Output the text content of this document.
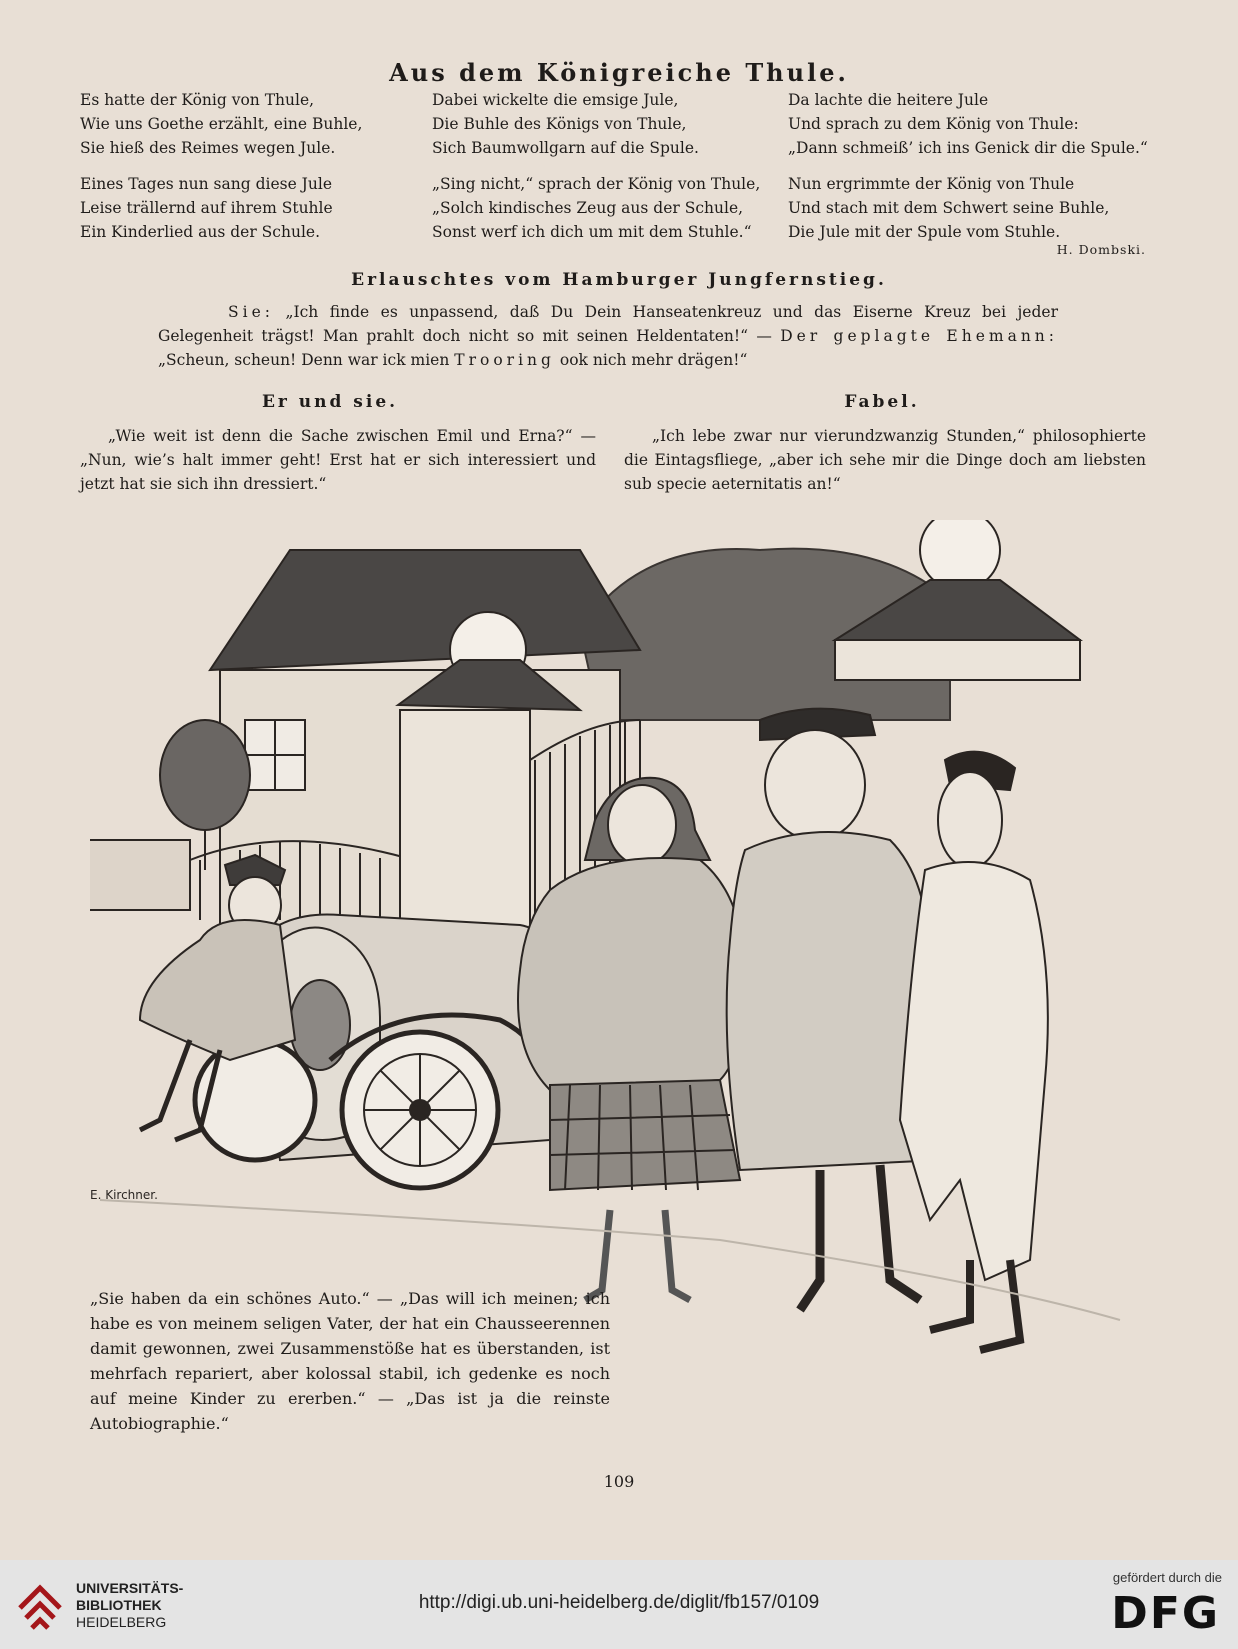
Aus dem Königreiche Thule.

Es hatte der König von Thule,

Wie uns Goethe erzählt, eine Buhle,

Sie hieß des Reimes wegen Jule.

Eines Tages nun sang diese Jule

Leise trällernd auf ihrem Stuhle

Ein Kinderlied aus der Schule.

Dabei wickelte die emsige Jule,

Die Buhle des Königs von Thule,

Sich Baumwollgarn auf die Spule.

„Sing nicht,“ sprach der König von Thule,

„Solch kindisches Zeug aus der Schule,

Sonst werf ich dich um mit dem Stuhle.“

Da lachte die heitere Jule

Und sprach zu dem König von Thule:

„Dann schmeiß’ ich ins Genick dir die Spule.“

Nun ergrimmte der König von Thule

Und stach mit dem Schwert seine Buhle,

Die Jule mit der Spule vom Stuhle.

H. Dombski.
Erlauschtes vom Hamburger Jungfernstieg.
Sie: „Ich finde es unpassend, daß Du Dein Hanseatenkreuz und das Eiserne Kreuz bei jeder Gelegenheit trägst! Man prahlt doch nicht so mit seinen Heldentaten!“ — Der geplagte Ehemann: „Scheun, scheun! Denn war ick mien Trooring ook nich mehr drägen!“
Er und sie.
„Wie weit ist denn die Sache zwischen Emil und Erna?“ — „Nun, wie’s halt immer geht! Erst hat er sich interessiert und jetzt hat sie sich ihn dressiert.“
Fabel.
„Ich lebe zwar nur vierundzwanzig Stunden,“ philosophierte die Eintagsfliege, „aber ich sehe mir die Dinge doch am liebsten sub specie aeternitatis an!“
E. Kirchner.
„Sie haben da ein schönes Auto.“ — „Das will ich meinen; ich habe es von meinem seligen Vater, der hat ein Chausseerennen damit gewonnen, zwei Zusammenstöße hat es überstanden, ist mehrfach repariert, aber kolossal stabil, ich gedenke es noch auf meine Kinder zu ererben.“ — „Das ist ja die reinste Autobiographie.“
109
UNIVERSITÄTS-
BIBLIOTHEK
HEIDELBERG
http://digi.ub.uni-heidelberg.de/diglit/fb157/0109
gefördert durch die
DFG
